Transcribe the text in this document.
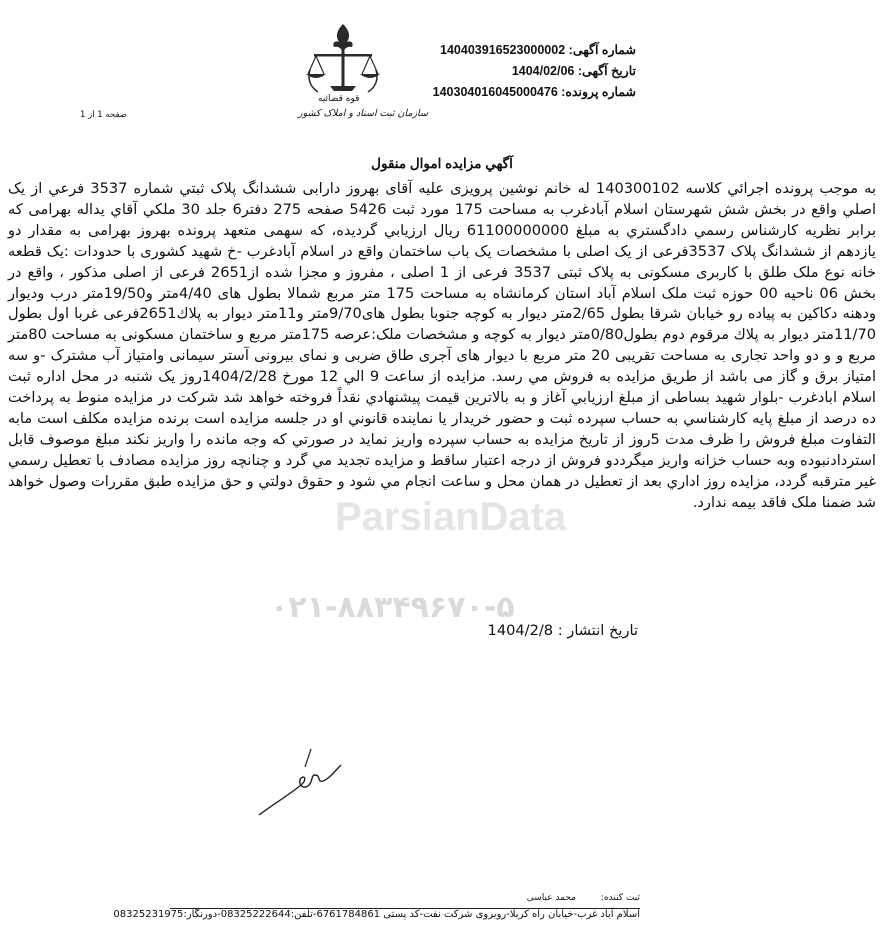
شماره آگهی: 140403916523000002
تاریخ آگهی: 1404/02/06
شماره پرونده: 140304016045000476
قوه قضائیه
سازمان ثبت اسناد و املاک کشور
صفحه 1 از 1
آگهي مزايده اموال منقول
ParsianData
۰۲۱-۸۸۳۴۹۶۷۰-۵
به موجب پرونده اجرائي كلاسه 140300102 له خانم نوشین پرویزی علیه آقای بهروز دارابی ششدانگ پلاک ثبتي شماره 3537 فرعي از يک اصلي واقع در بخش شش شهرستان اسلام آبادغرب به مساحت 175 مورد ثبت 5426 صفحه 275 دفتر6 جلد 30 ملكي آقاي يداله بهرامی كه برابر نظريه كارشناس رسمي دادگستري به مبلغ 61100000000 ريال ارزيابي گرديده، كه سهمی متعهد پرونده بهروز بهرامی به مقدار دو یازدهم از ششدانگ پلاک 3537فرعی از یک اصلی با مشخصات یک باب ساختمان واقع در اسلام آبادغرب -خ شهید کشوری با حدودات :یک قطعه خانه نوع ملک طلق با کاربری مسکونی به پلاک ثبتی 3537 فرعی از 1 اصلی ، مفروز و مجزا شده از2651 فرعی از اصلی مذکور ، واقع در بخش 06 ناحیه 00 حوزه ثبت ملک اسلام آباد استان کرمانشاه به مساحت 175 متر مربع شمالا بطول های 4/40متر و19/50متر درب وديوار ودهنه دكاكين به پياده رو خيابان شرقا بطول 2/65متر ديوار به كوچه جنوبا بطول های9/70متر و11متر ديوار به پلاك2651فرعی غربا اول بطول 11/70متر ديوار به پلاك مرقوم دوم بطول0/80متر ديوار به كوچه و مشخصات ملک:عرصه 175متر مربع و ساختمان مسکونی به مساحت 80متر مربع و و دو واحد تجاری به مساحت تقریبی 20 متر مربع با دیوار های آجری طاق ضربی و نمای بیرونی آستر سیمانی وامتیاز آب مشترک -و سه امتیاز برق و گاز می باشد از طريق مزايده به فروش مي رسد. مزايده از ساعت 9 الي 12 مورخ 1404/2/28روز یک شنبه در محل اداره ثبت اسلام ابادغرب -بلوار شهید بساطی از مبلغ ارزيابي آغاز و به بالاترين قيمت پيشنهادي نقداً فروخته خواهد شد شركت در مزايده منوط به پرداخت ده درصد از مبلغ پايه كارشناسي به حساب سپرده ثبت و حضور خريدار يا نماينده قانوني او در جلسه مزايده است برنده مزايده مكلف است مابه التفاوت مبلغ فروش را ظرف مدت 5روز از تاريخ مزايده به حساب سپرده واريز نمايد در صورتي كه وجه مانده را واريز نكند مبلغ موصوف قابل استردادنبوده وبه حساب خزانه واريز ميگرددو فروش از درجه اعتبار ساقط و مزايده تجديد مي گرد و چنانچه روز مزايده مصادف با تعطيل رسمي غير مترقبه گردد، مزايده روز اداري بعد از تعطيل در همان محل و ساعت انجام مي شود و حقوق دولتي و حق مزايده طبق مقررات وصول خواهد شد ضمنا ملک فاقد بیمه ندارد.
تاريخ انتشار : 1404/2/8
ثبت كننده: محمد عباسی
اسلام آباد غرب-خیابان راه کربلا-روبروی شرکت نفت-کد پستی 6761784861-تلفن:08325222644-دورنگار:08325231975
